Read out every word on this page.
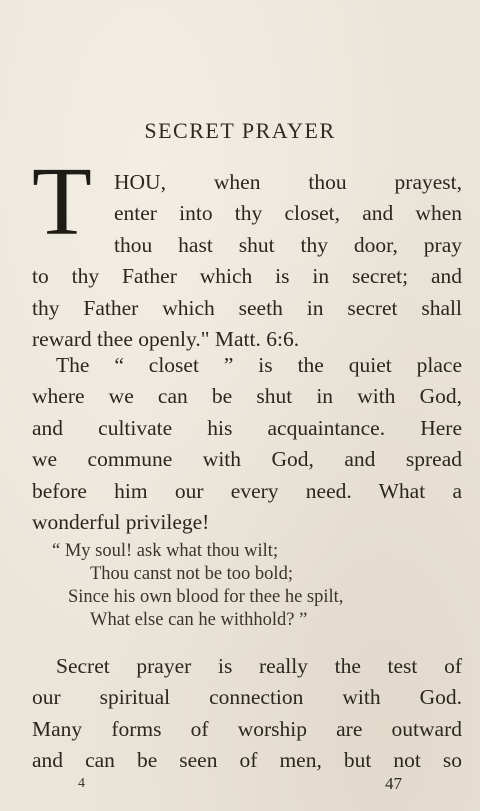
SECRET PRAYER
T	HOU, when thou prayest,
enter into thy closet, and when
thou hast shut thy door, pray
to thy Father which is in secret; and
thy Father which seeth in secret shall
reward thee openly." Matt. 6:6.
The “ closet ” is the quiet place
where we can be shut in with God,
and cultivate his acquaintance. Here
we commune with God, and spread
before him our every need. What a
wonderful privilege!
“ My soul! ask what thou wilt;
Thou canst not be too bold;
Since his own blood for thee he spilt,
What else can he withhold? ”
Secret prayer is really the test of
our spiritual connection with God.
Many forms of worship are outward
and can be seen of men, but not so
4	47
